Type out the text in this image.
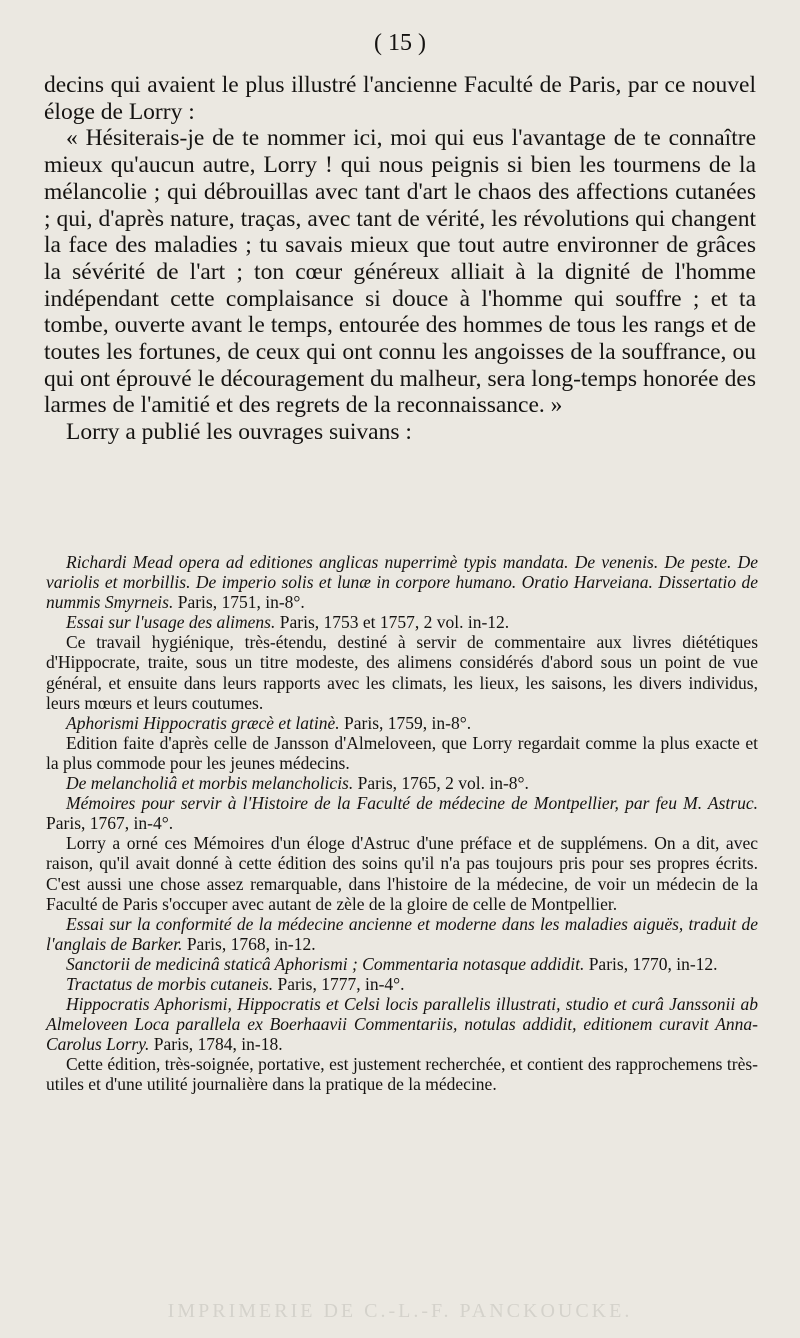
( 15 )

decins qui avaient le plus illustré l'ancienne Faculté de Paris, par ce nouvel éloge de Lorry :

« Hésiterais-je de te nommer ici, moi qui eus l'avantage de te connaître mieux qu'aucun autre, Lorry ! qui nous peignis si bien les tourmens de la mélancolie ; qui débrouillas avec tant d'art le chaos des affections cutanées ; qui, d'après nature, traças, avec tant de vérité, les révolutions qui changent la face des maladies ; tu savais mieux que tout autre environner de grâces la sévérité de l'art ; ton cœur généreux alliait à la dignité de l'homme indépendant cette complaisance si douce à l'homme qui souffre ; et ta tombe, ouverte avant le temps, entourée des hommes de tous les rangs et de toutes les fortunes, de ceux qui ont connu les angoisses de la souffrance, ou qui ont éprouvé le découragement du malheur, sera long-temps honorée des larmes de l'amitié et des regrets de la reconnaissance. »

Lorry a publié les ouvrages suivans :

Richardi Mead opera ad editiones anglicas nuperrimè typis mandata. De venenis. De peste. De variolis et morbillis. De imperio solis et lunæ in corpore humano. Oratio Harveiana. Dissertatio de nummis Smyrneis. Paris, 1751, in-8°.

Essai sur l'usage des alimens. Paris, 1753 et 1757, 2 vol. in-12.

Ce travail hygiénique, très-étendu, destiné à servir de commentaire aux livres diététiques d'Hippocrate, traite, sous un titre modeste, des alimens considérés d'abord sous un point de vue général, et ensuite dans leurs rapports avec les climats, les lieux, les saisons, les divers individus, leurs mœurs et leurs coutumes.

Aphorismi Hippocratis græcè et latinè. Paris, 1759, in-8°.

Edition faite d'après celle de Jansson d'Almeloveen, que Lorry regardait comme la plus exacte et la plus commode pour les jeunes médecins.

De melancholiâ et morbis melancholicis. Paris, 1765, 2 vol. in-8°.

Mémoires pour servir à l'Histoire de la Faculté de médecine de Montpellier, par feu M. Astruc. Paris, 1767, in-4°.

Lorry a orné ces Mémoires d'un éloge d'Astruc d'une préface et de supplémens. On a dit, avec raison, qu'il avait donné à cette édition des soins qu'il n'a pas toujours pris pour ses propres écrits. C'est aussi une chose assez remarquable, dans l'histoire de la médecine, de voir un médecin de la Faculté de Paris s'occuper avec autant de zèle de la gloire de celle de Montpellier.

Essai sur la conformité de la médecine ancienne et moderne dans les maladies aiguës, traduit de l'anglais de Barker. Paris, 1768, in-12.

Sanctorii de medicinâ staticâ Aphorismi ; Commentaria notasque addidit. Paris, 1770, in-12.

Tractatus de morbis cutaneis. Paris, 1777, in-4°.

Hippocratis Aphorismi, Hippocratis et Celsi locis parallelis illustrati, studio et curâ Janssonii ab Almeloveen Loca parallela ex Boerhaavii Commentariis, notulas addidit, editionem curavit Anna-Carolus Lorry. Paris, 1784, in-18.

Cette édition, très-soignée, portative, est justement recherchée, et contient des rapprochemens très-utiles et d'une utilité journalière dans la pratique de la médecine.

IMPRIMERIE DE C.-L.-F. PANCKOUCKE.
